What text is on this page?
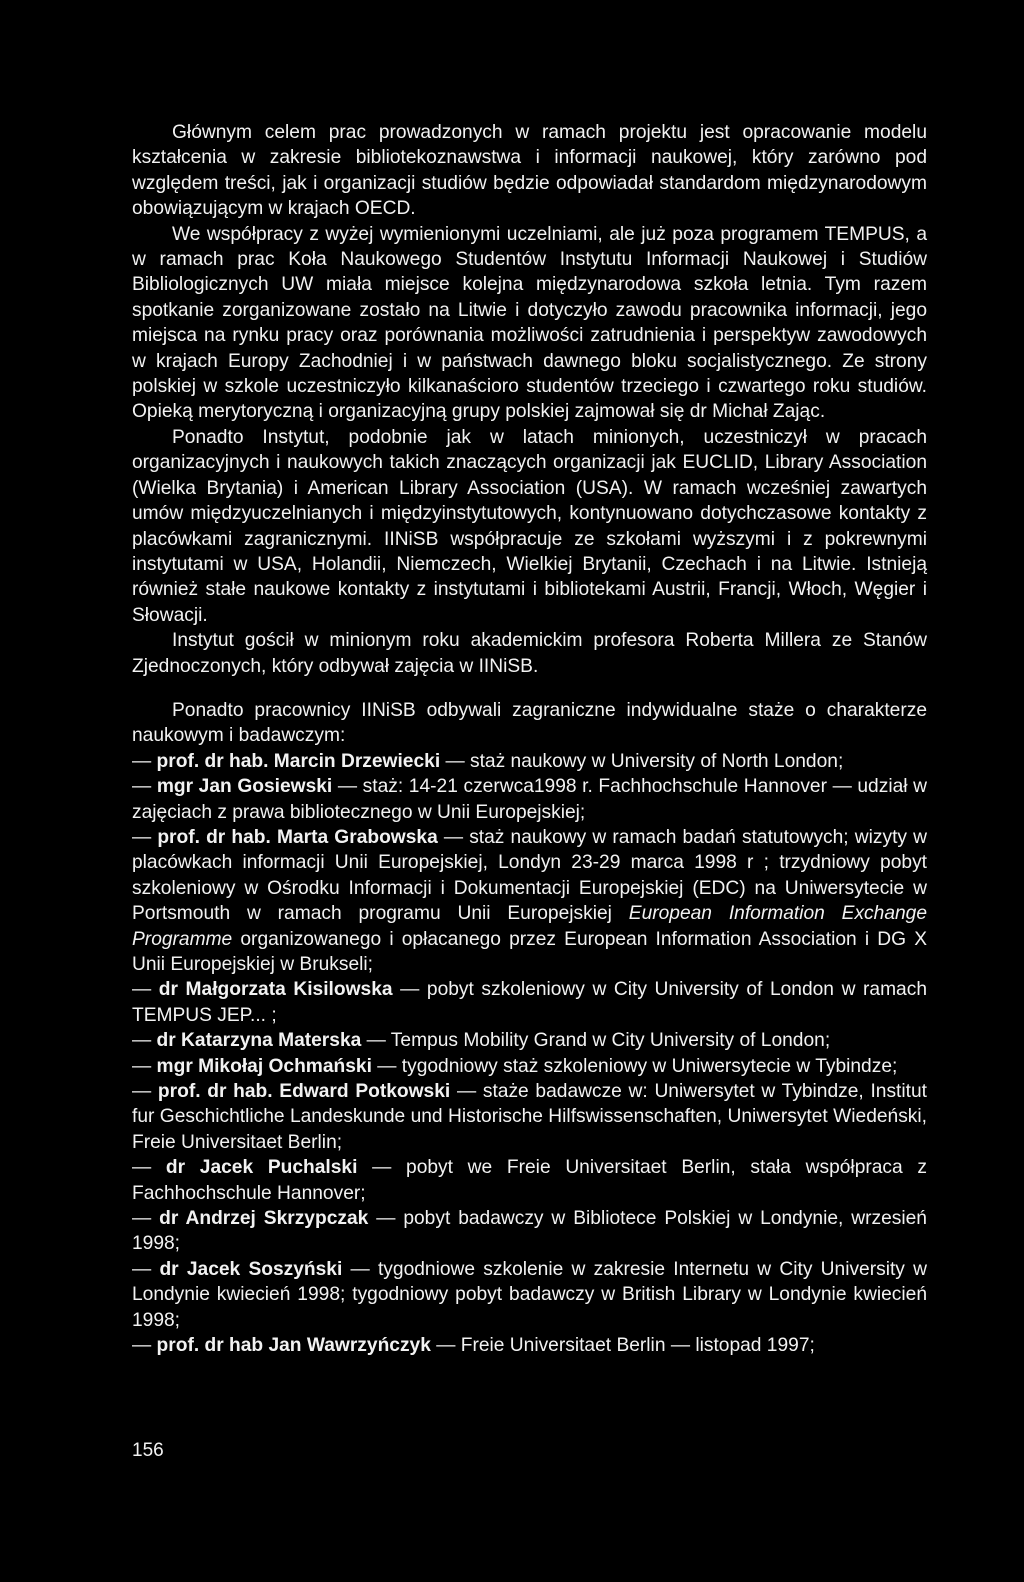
Głównym celem prac prowadzonych w ramach projektu jest opracowanie modelu kształcenia w zakresie bibliotekoznawstwa i informacji naukowej, który zarówno pod względem treści, jak i organizacji studiów będzie odpowiadał standardom międzynarodowym obowiązującym w krajach OECD.

We współpracy z wyżej wymienionymi uczelniami, ale już poza programem TEMPUS, a w ramach prac Koła Naukowego Studentów Instytutu Informacji Naukowej i Studiów Bibliologicznych UW miała miejsce kolejna międzynarodowa szkoła letnia. Tym razem spotkanie zorganizowane zostało na Litwie i dotyczyło zawodu pracownika informacji, jego miejsca na rynku pracy oraz porównania możliwości zatrudnienia i perspektyw zawodowych w krajach Europy Zachodniej i w państwach dawnego bloku socjalistycznego. Ze strony polskiej w szkole uczestniczyło kilkanaścioro studentów trzeciego i czwartego roku studiów. Opieką merytoryczną i organizacyjną grupy polskiej zajmował się dr Michał Zając.

Ponadto Instytut, podobnie jak w latach minionych, uczestniczył w pracach organizacyjnych i naukowych takich znaczących organizacji jak EUCLID, Library Association (Wielka Brytania) i American Library Association (USA). W ramach wcześniej zawartych umów międzyuczelnianych i międzyinstytutowych, kontynuowano dotychczasowe kontakty z placówkami zagranicznymi. IINiSB współpracuje ze szkołami wyższymi i z pokrewnymi instytutami w USA, Holandii, Niemczech, Wielkiej Brytanii, Czechach i na Litwie. Istnieją również stałe naukowe kontakty z instytutami i bibliotekami Austrii, Francji, Włoch, Węgier i Słowacji.

Instytut gościł w minionym roku akademickim profesora Roberta Millera ze Stanów Zjednoczonych, który odbywał zajęcia w IINiSB.

Ponadto pracownicy IINiSB odbywali zagraniczne indywidualne staże o charakterze naukowym i badawczym:

— prof. dr hab. Marcin Drzewiecki — staż naukowy w University of North London;

— mgr Jan Gosiewski — staż: 14-21 czerwca1998 r. Fachhochschule Hannover — udział w zajęciach z prawa bibliotecznego w Unii Europejskiej;

— prof. dr hab. Marta Grabowska — staż naukowy w ramach badań statutowych; wizyty w placówkach informacji Unii Europejskiej, Londyn 23-29 marca 1998 r ; trzydniowy pobyt szkoleniowy w Ośrodku Informacji i Dokumentacji Europejskiej (EDC) na Uniwersytecie w Portsmouth w ramach programu Unii Europejskiej European Information Exchange Programme organizowanego i opłacanego przez European Information Association i DG X Unii Europejskiej w Brukseli;

— dr Małgorzata Kisilowska — pobyt szkoleniowy w City University of London w ramach TEMPUS JEP... ;

— dr Katarzyna Materska — Tempus Mobility Grand w City University of London;

— mgr Mikołaj Ochmański — tygodniowy staż szkoleniowy w Uniwersytecie w Tybindze;

— prof. dr hab. Edward Potkowski — staże badawcze w: Uniwersytet w Tybindze, Institut fur Geschichtliche Landeskunde und Historische Hilfswissenschaften, Uniwersytet Wiedeński, Freie Universitaet Berlin;

— dr Jacek Puchalski — pobyt we Freie Universitaet Berlin, stała współpraca z Fachhochschule Hannover;

— dr Andrzej Skrzypczak — pobyt badawczy w Bibliotece Polskiej w Londynie, wrzesień 1998;

— dr Jacek Soszyński — tygodniowe szkolenie w zakresie Internetu w City University w Londynie kwiecień 1998; tygodniowy pobyt badawczy w British Library w Londynie kwiecień 1998;

— prof. dr hab Jan Wawrzyńczyk — Freie Universitaet Berlin — listopad 1997;

156
